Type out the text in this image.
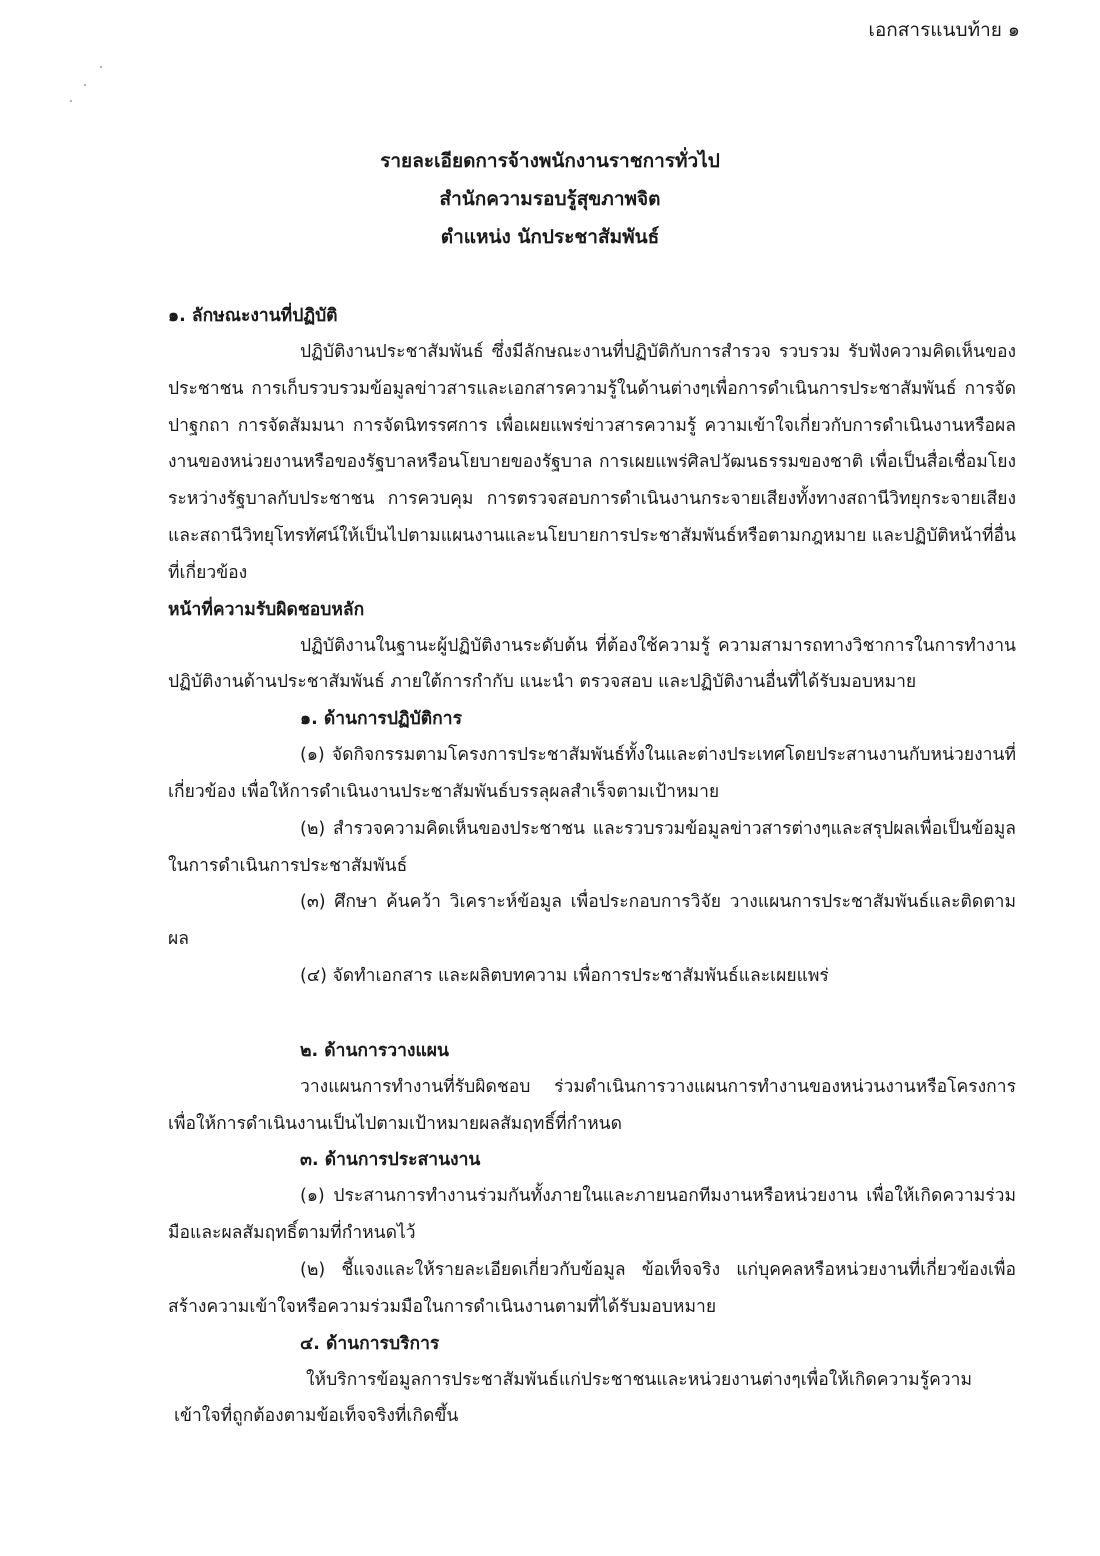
เอกสารแนบท้าย ๑
รายละเอียดการจ้างพนักงานราชการทั่วไป
สำนักความรอบรู้สุขภาพจิต
ตำแหน่ง นักประชาสัมพันธ์
๑. ลักษณะงานที่ปฏิบัติ
ปฏิบัติงานประชาสัมพันธ์ ซึ่งมีลักษณะงานที่ปฏิบัติกับการสำรวจ รวบรวม รับฟังความคิดเห็นของประชาชน การเก็บรวบรวมข้อมูลข่าวสารและเอกสารความรู้ในด้านต่างๆเพื่อการดำเนินการประชาสัมพันธ์ การจัดปาฐกถา การจัดสัมมนา การจัดนิทรรศการ เพื่อเผยแพร่ข่าวสารความรู้ ความเข้าใจเกี่ยวกับการดำเนินงานหรือผลงานของหน่วยงานหรือของรัฐบาลหรือนโยบายของรัฐบาล การเผยแพร่ศิลปวัฒนธรรมของชาติ เพื่อเป็นสื่อเชื่อมโยงระหว่างรัฐบาลกับประชาชน การควบคุม การตรวจสอบการดำเนินงานกระจายเสียงทั้งทางสถานีวิทยุกระจายเสียงและสถานีวิทยุโทรทัศน์ให้เป็นไปตามแผนงานและนโยบายการประชาสัมพันธ์หรือตามกฎหมาย และปฏิบัติหน้าที่อื่นที่เกี่ยวข้อง
หน้าที่ความรับผิดชอบหลัก
ปฏิบัติงานในฐานะผู้ปฏิบัติงานระดับต้น ที่ต้องใช้ความรู้ ความสามารถทางวิชาการในการทำงานปฏิบัติงานด้านประชาสัมพันธ์ ภายใต้การกำกับ แนะนำ ตรวจสอบ และปฏิบัติงานอื่นที่ได้รับมอบหมาย
๑. ด้านการปฏิบัติการ
(๑) จัดกิจกรรมตามโครงการประชาสัมพันธ์ทั้งในและต่างประเทศโดยประสานงานกับหน่วยงานที่เกี่ยวข้อง เพื่อให้การดำเนินงานประชาสัมพันธ์บรรลุผลสำเร็จตามเป้าหมาย
(๒) สำรวจความคิดเห็นของประชาชน และรวบรวมข้อมูลข่าวสารต่างๆและสรุปผลเพื่อเป็นข้อมูล ในการดำเนินการประชาสัมพันธ์
(๓) ศึกษา ค้นคว้า วิเคราะห์ข้อมูล เพื่อประกอบการวิจัย วางแผนการประชาสัมพันธ์และติดตามผล
(๔) จัดทำเอกสาร และผลิตบทความ เพื่อการประชาสัมพันธ์และเผยแพร่
๒. ด้านการวางแผน
วางแผนการทำงานที่รับผิดชอบ ร่วมดำเนินการวางแผนการทำงานของหน่วนงานหรือโครงการเพื่อให้การดำเนินงานเป็นไปตามเป้าหมายผลสัมฤทธิ์ที่กำหนด
๓. ด้านการประสานงาน
(๑) ประสานการทำงานร่วมกันทั้งภายในและภายนอกทีมงานหรือหน่วยงาน เพื่อให้เกิดความร่วมมือและผลสัมฤทธิ์ตามที่กำหนดไว้
(๒) ชี้แจงและให้รายละเอียดเกี่ยวกับข้อมูล ข้อเท็จจริง แก่บุคคลหรือหน่วยงานที่เกี่ยวข้องเพื่อสร้างความเข้าใจหรือความร่วมมือในการดำเนินงานตามที่ได้รับมอบหมาย
๔. ด้านการบริการ
ให้บริการข้อมูลการประชาสัมพันธ์แก่ประชาชนและหน่วยงานต่างๆเพื่อให้เกิดความรู้ความเข้าใจที่ถูกต้องตามข้อเท็จจริงที่เกิดขึ้น
